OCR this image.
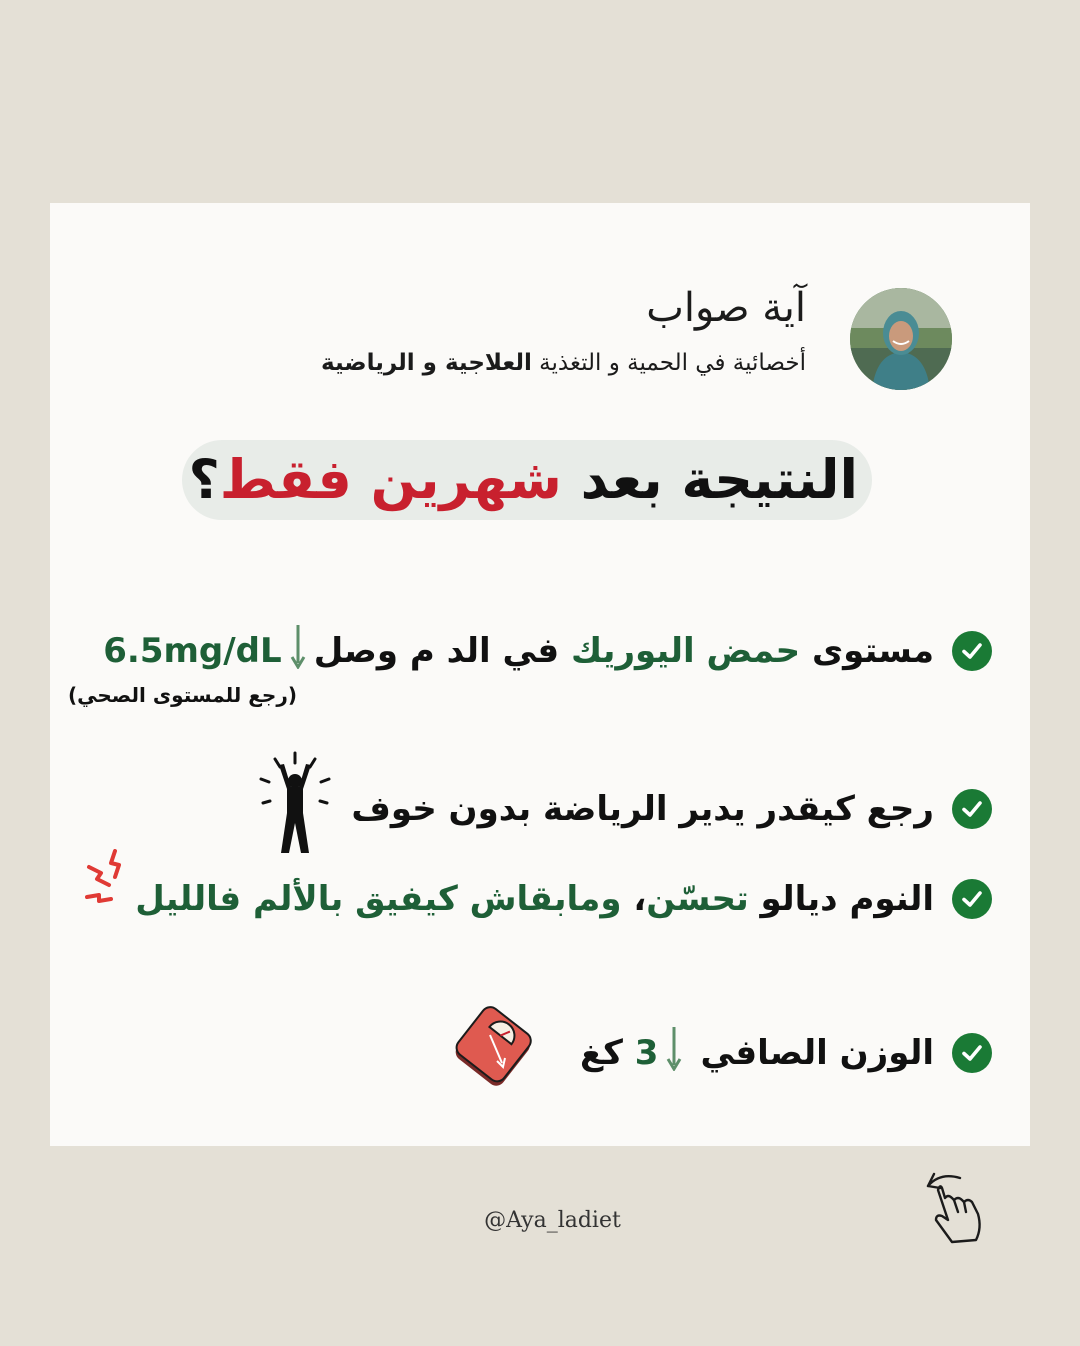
آية صواب
أخصائية في الحمية و التغذية العلاجية و الرياضية
النتيجة بعد شهرين فقط؟
مستوى حمض اليوريك في الد م وصل
6.5mg/dL
(رجع للمستوى الصحي)
رجع كيقدر يدير الرياضة بدون خوف
النوم ديالو تحسّن، ومابقاش كيفيق بالألم فالليل
الوزن الصافي
3 كغ
@Aya_ladiet
